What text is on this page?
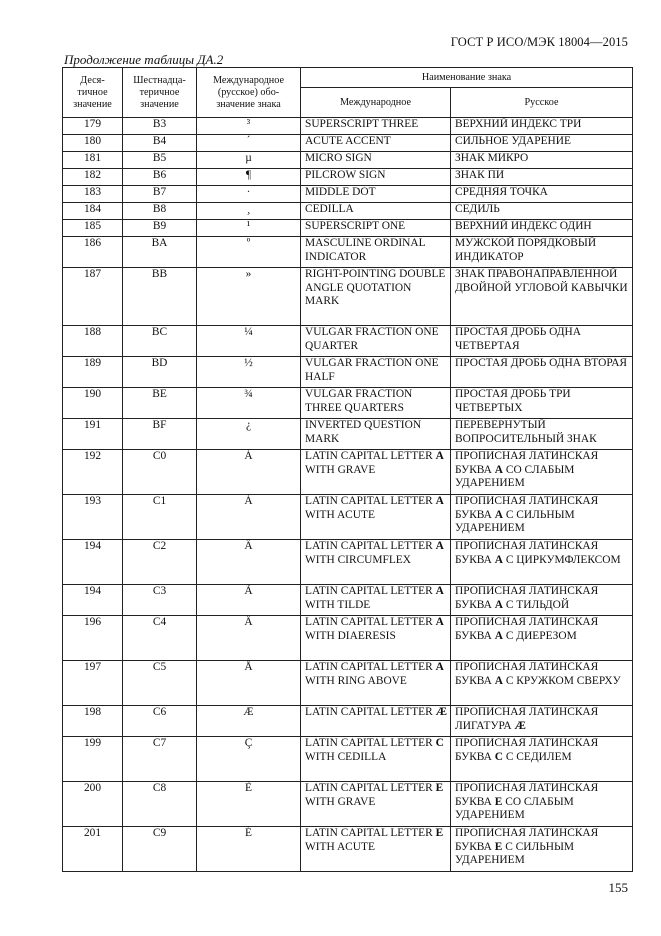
ГОСТ Р ИСО/МЭК 18004—2015
Продолжение таблицы ДА.2
Деся-
тичное
значение	Шестнадца-
теричное
значение	Международное
(русское) обо-
значение знака	Наименование знака	
			Международное	Русское
179	B3	³	SUPERSCRIPT THREE	ВЕРХНИЙ ИНДЕКС ТРИ
180	B4	´	ACUTE ACCENT	СИЛЬНОЕ УДАРЕНИЕ
181	B5	µ	MICRO SIGN	ЗНАК МИКРО
182	B6	¶	PILCROW SIGN	ЗНАК ПИ
183	B7	·	MIDDLE DOT	СРЕДНЯЯ ТОЧКА
184	B8	¸	CEDILLA	СЕДИЛЬ
185	B9	¹	SUPERSCRIPT ONE	ВЕРХНИЙ ИНДЕКС ОДИН
186	BA	º	MASCULINE ORDINAL INDICATOR	МУЖСКОЙ ПОРЯДКОВЫЙ ИНДИКАТОР
187	BB	»	RIGHT-POINTING DOUBLE ANGLE QUOTATION MARK	ЗНАК ПРАВОНАПРАВЛЕННОЙ ДВОЙНОЙ УГЛОВОЙ КАВЫЧКИ
188	BC	¼	VULGAR FRACTION ONE QUARTER	ПРОСТАЯ ДРОБЬ ОДНА ЧЕТВЕРТАЯ
189	BD	½	VULGAR FRACTION ONE HALF	ПРОСТАЯ ДРОБЬ ОДНА ВТОРАЯ
190	BE	¾	VULGAR FRACTION THREE QUARTERS	ПРОСТАЯ ДРОБЬ ТРИ ЧЕТВЕРТЫХ
191	BF	¿	INVERTED QUESTION MARK	ПЕРЕВЕРНУТЫЙ ВОПРОСИТЕЛЬНЫЙ ЗНАК
192	C0	À	LATIN CAPITAL LETTER A WITH GRAVE	ПРОПИСНАЯ ЛАТИНСКАЯ БУКВА A СО СЛАБЫМ УДАРЕНИЕМ
193	C1	Á	LATIN CAPITAL LETTER A WITH ACUTE	ПРОПИСНАЯ ЛАТИНСКАЯ БУКВА A С СИЛЬНЫМ УДАРЕНИЕМ
194	C2	Â	LATIN CAPITAL LETTER A WITH CIRCUMFLEX	ПРОПИСНАЯ ЛАТИНСКАЯ БУКВА A С ЦИРКУМФЛЕКСОМ
194	C3	Ã	LATIN CAPITAL LETTER A WITH TILDE	ПРОПИСНАЯ ЛАТИНСКАЯ БУКВА A С ТИЛЬДОЙ
196	C4	Ä	LATIN CAPITAL LETTER A WITH DIAERESIS	ПРОПИСНАЯ ЛАТИНСКАЯ БУКВА A С ДИЕРЕЗОМ
197	C5	Å	LATIN CAPITAL LETTER A WITH RING ABOVE	ПРОПИСНАЯ ЛАТИНСКАЯ БУКВА A С КРУЖКОМ СВЕРХУ
198	C6	Æ	LATIN CAPITAL LETTER Æ	ПРОПИСНАЯ ЛАТИНСКАЯ ЛИГАТУРА Æ
199	C7	Ç	LATIN CAPITAL LETTER C WITH CEDILLA	ПРОПИСНАЯ ЛАТИНСКАЯ БУКВА C С СЕДИЛЕМ
200	C8	È	LATIN CAPITAL LETTER E WITH GRAVE	ПРОПИСНАЯ ЛАТИНСКАЯ БУКВА E СО СЛАБЫМ УДАРЕНИЕМ
201	C9	É	LATIN CAPITAL LETTER E WITH ACUTE	ПРОПИСНАЯ ЛАТИНСКАЯ БУКВА E С СИЛЬНЫМ УДАРЕНИЕМ
155
